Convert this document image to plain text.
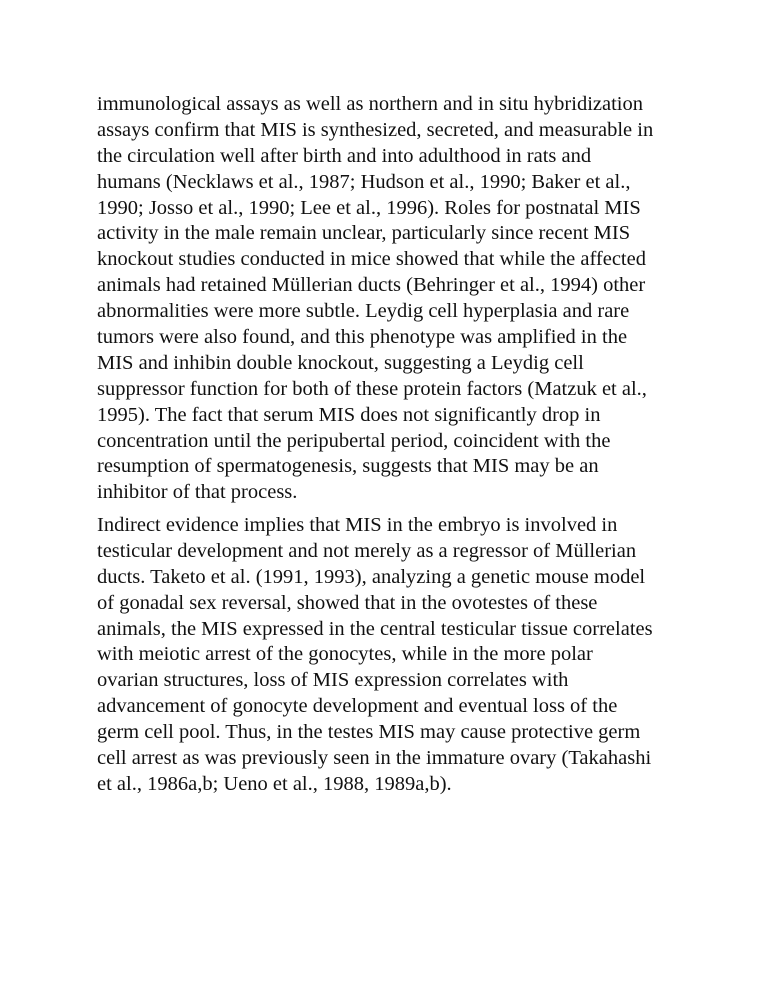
immunological assays as well as northern and in situ hybridization
assays confirm that MIS is synthesized, secreted, and measurable in
the circulation well after birth and into adulthood in rats and
humans (Necklaws et al., 1987; Hudson et al., 1990; Baker et al.,
1990; Josso et al., 1990; Lee et al., 1996). Roles for postnatal MIS
activity in the male remain unclear, particularly since recent MIS
knockout studies conducted in mice showed that while the affected
animals had retained Müllerian ducts (Behringer et al., 1994) other
abnormalities were more subtle. Leydig cell hyperplasia and rare
tumors were also found, and this phenotype was amplified in the
MIS and inhibin double knockout, suggesting a Leydig cell
suppressor function for both of these protein factors (Matzuk et al.,
1995). The fact that serum MIS does not significantly drop in
concentration until the peripubertal period, coincident with the
resumption of spermatogenesis, suggests that MIS may be an
inhibitor of that process.

Indirect evidence implies that MIS in the embryo is involved in
testicular development and not merely as a regressor of Müllerian
ducts. Taketo et al. (1991, 1993), analyzing a genetic mouse model
of gonadal sex reversal, showed that in the ovotestes of these
animals, the MIS expressed in the central testicular tissue correlates
with meiotic arrest of the gonocytes, while in the more polar
ovarian structures, loss of MIS expression correlates with
advancement of gonocyte development and eventual loss of the
germ cell pool. Thus, in the testes MIS may cause protective germ
cell arrest as was previously seen in the immature ovary (Takahashi
et al., 1986a,b; Ueno et al., 1988, 1989a,b).
